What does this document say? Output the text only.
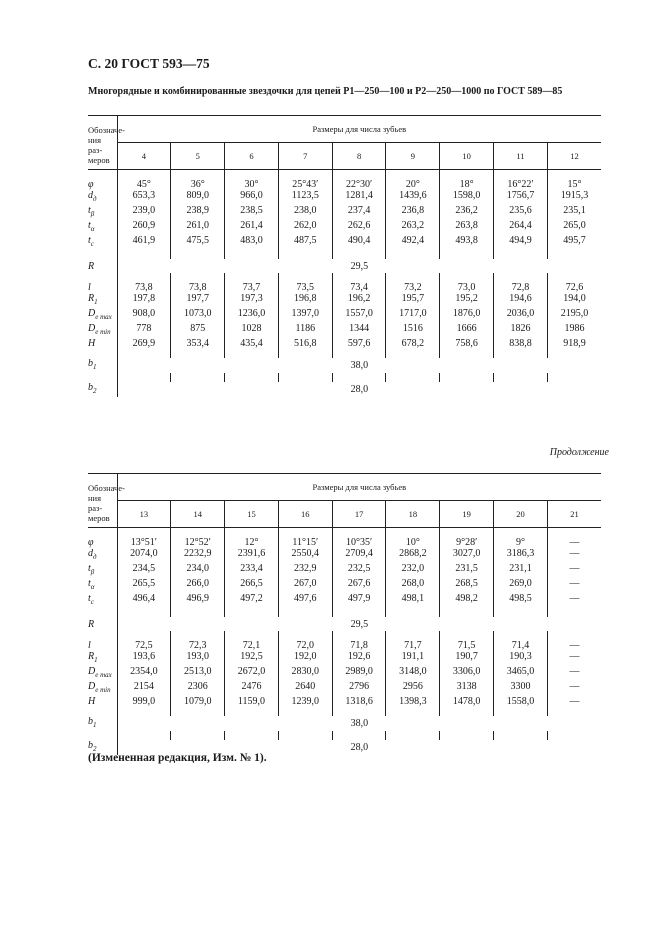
С. 20 ГОСТ 593—75
Многорядные и комбинированные звездочки для цепей Р1—250—100 и Р2—250—1000 по ГОСТ 589—85
Обозначе-
ния раз-
меров	Размеры для числа зубьев								
	4	5	6	7	8	9	10	11	12

φ	45°	36°	30°	25°43′	22°30′	20°	18°	16°22′	15°
$d_д$	653,3	809,0	966,0	1123,5	1281,4	1439,6	1598,0	1756,7	1915,3
$t_\beta$	239,0	238,9	238,5	238,0	237,4	236,8	236,2	235,6	235,1
$t_\alpha$	260,9	261,0	261,4	262,0	262,6	263,2	263,8	264,4	265,0
$t_c$	461,9	475,5	483,0	487,5	490,4	492,4	493,8	494,9	495,7

R	29,5								

l	73,8	73,8	73,7	73,5	73,4	73,2	73,0	72,8	72,6
$R_1$	197,8	197,7	197,3	196,8	196,2	195,7	195,2	194,6	194,0
$D_{e max}$	908,0	1073,0	1236,0	1397,0	1557,0	1717,0	1876,0	2036,0	2195,0
$D_{e min}$	778	875	1028	1186	1344	1516	1666	1826	1986
H	269,9	353,4	435,4	516,8	597,6	678,2	758,6	838,8	918,9

$b_1$	38,0								

$b_2$	28,0								
Продолжение
Обозначе-
ния раз-
меров	Размеры для числа зубьев								
	13	14	15	16	17	18	19	20	21

φ	13°51′	12°52′	12°	11°15′	10°35′	10°	9°28′	9°	—
$d_д$	2074,0	2232,9	2391,6	2550,4	2709,4	2868,2	3027,0	3186,3	—
$t_\beta$	234,5	234,0	233,4	232,9	232,5	232,0	231,5	231,1	—
$t_\alpha$	265,5	266,0	266,5	267,0	267,6	268,0	268,5	269,0	—
$t_c$	496,4	496,9	497,2	497,6	497,9	498,1	498,2	498,5	—

R	29,5								

l	72,5	72,3	72,1	72,0	71,8	71,7	71,5	71,4	—
$R_1$	193,6	193,0	192,5	192,0	192,6	191,1	190,7	190,3	—
$D_{e max}$	2354,0	2513,0	2672,0	2830,0	2989,0	3148,0	3306,0	3465,0	—
$D_{e min}$	2154	2306	2476	2640	2796	2956	3138	3300	—
H	999,0	1079,0	1159,0	1239,0	1318,6	1398,3	1478,0	1558,0	—

$b_1$	38,0								

$b_2$	28,0								
(Измененная редакция, Изм. № 1).
